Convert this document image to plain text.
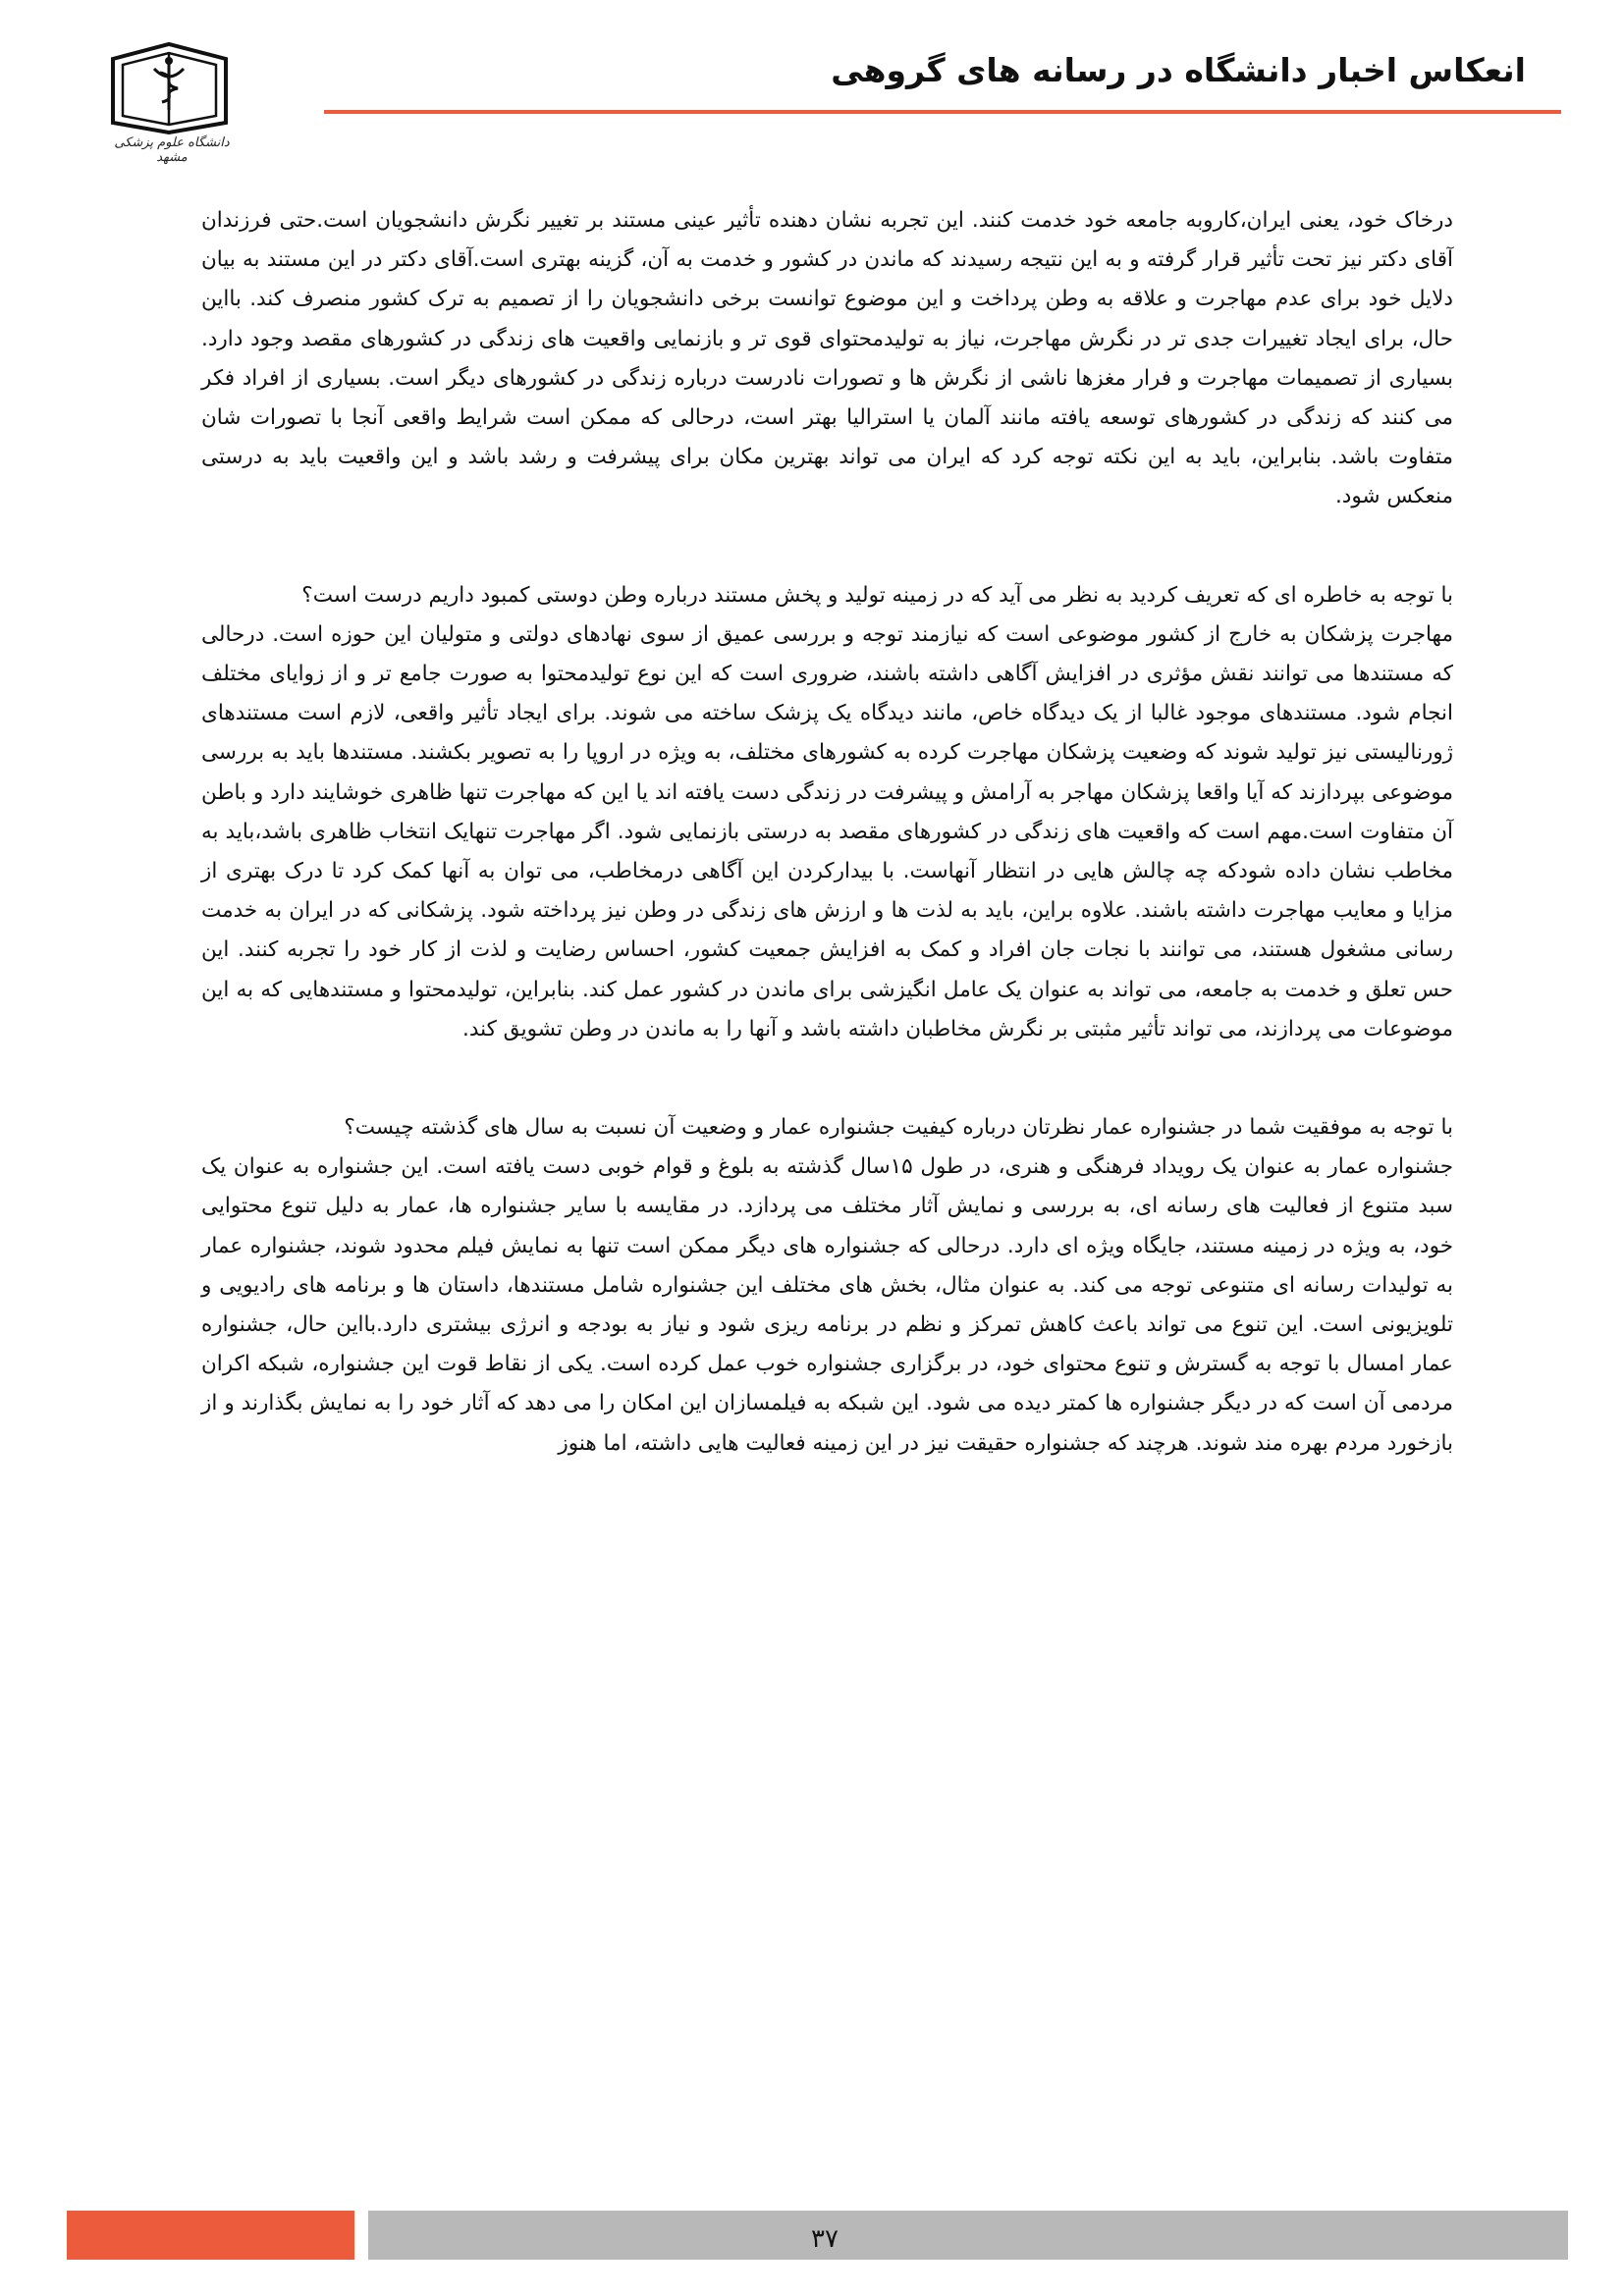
انعکاس اخبار دانشگاه در رسانه های گروهی
دانشگاه علوم پزشکی مشهد

درخاک خود، یعنی ایران،کاروبه جامعه خود خدمت کنند. این تجربه نشان دهنده تأثیر عینی مستند بر تغییر نگرش دانشجویان است.حتی فرزندان آقای دکتر نیز تحت تأثیر قرار گرفته و به این نتیجه رسیدند که ماندن در کشور و خدمت به آن، گزینه بهتری است.آقای دکتر در این مستند به بیان دلایل خود برای عدم مهاجرت و علاقه به وطن پرداخت و این موضوع توانست برخی دانشجویان را از تصمیم به ترک کشور منصرف کند. بااین حال، برای ایجاد تغییرات جدی تر در نگرش مهاجرت، نیاز به تولیدمحتوای قوی تر و بازنمایی واقعیت های زندگی در کشورهای مقصد وجود دارد. بسیاری از تصمیمات مهاجرت و فرار مغزها ناشی از نگرش ها و تصورات نادرست درباره زندگی در کشورهای دیگر است. بسیاری از افراد فکر می کنند که زندگی در کشورهای توسعه یافته مانند آلمان یا استرالیا بهتر است، درحالی که ممکن است شرایط واقعی آنجا با تصورات شان متفاوت باشد. بنابراین، باید به این نکته توجه کرد که ایران می تواند بهترین مکان برای پیشرفت و رشد باشد و این واقعیت باید به درستی منعکس شود.

با توجه به خاطره ای که تعریف کردید به نظر می آید که در زمینه تولید و پخش مستند درباره وطن دوستی کمبود داریم درست است؟

مهاجرت پزشکان به خارج از کشور موضوعی است که نیازمند توجه و بررسی عمیق از سوی نهادهای دولتی و متولیان این حوزه است. درحالی که مستندها می توانند نقش مؤثری در افزایش آگاهی داشته باشند، ضروری است که این نوع تولیدمحتوا به صورت جامع تر و از زوایای مختلف انجام شود. مستندهای موجود غالبا از یک دیدگاه خاص، مانند دیدگاه یک پزشک ساخته می شوند. برای ایجاد تأثیر واقعی، لازم است مستندهای ژورنالیستی نیز تولید شوند که وضعیت پزشکان مهاجرت کرده به کشورهای مختلف، به ویژه در اروپا را به تصویر بکشند. مستندها باید به بررسی موضوعی بپردازند که آیا واقعا پزشکان مهاجر به آرامش و پیشرفت در زندگی دست یافته اند یا این که مهاجرت تنها ظاهری خوشایند دارد و باطن آن متفاوت است.مهم است که واقعیت های زندگی در کشورهای مقصد به درستی بازنمایی شود. اگر مهاجرت تنهایک انتخاب ظاهری باشد،باید به مخاطب نشان داده شودکه چه چالش هایی در انتظار آنهاست. با بیدارکردن این آگاهی درمخاطب، می توان به آنها کمک کرد تا درک بهتری از مزایا و معایب مهاجرت داشته باشند. علاوه براین، باید به لذت ها و ارزش های زندگی در وطن نیز پرداخته شود. پزشکانی که در ایران به خدمت رسانی مشغول هستند، می توانند با نجات جان افراد و کمک به افزایش جمعیت کشور، احساس رضایت و لذت از کار خود را تجربه کنند. این حس تعلق و خدمت به جامعه، می تواند به عنوان یک عامل انگیزشی برای ماندن در کشور عمل کند. بنابراین، تولیدمحتوا و مستندهایی که به این موضوعات می پردازند، می تواند تأثیر مثبتی بر نگرش مخاطبان داشته باشد و آنها را به ماندن در وطن تشویق کند.

با توجه به موفقیت شما در جشنواره عمار نظرتان درباره کیفیت جشنواره عمار و وضعیت آن نسبت به سال های گذشته چیست؟

جشنواره عمار به عنوان یک رویداد فرهنگی و هنری، در طول ۱۵سال گذشته به بلوغ و قوام خوبی دست یافته است. این جشنواره به عنوان یک سبد متنوع از فعالیت های رسانه ای، به بررسی و نمایش آثار مختلف می پردازد. در مقایسه با سایر جشنواره ها، عمار به دلیل تنوع محتوایی خود، به ویژه در زمینه مستند، جایگاه ویژه ای دارد. درحالی که جشنواره های دیگر ممکن است تنها به نمایش فیلم محدود شوند، جشنواره عمار به تولیدات رسانه ای متنوعی توجه می کند. به عنوان مثال، بخش های مختلف این جشنواره شامل مستندها، داستان ها و برنامه های رادیویی و تلویزیونی است. این تنوع می تواند باعث کاهش تمرکز و نظم در برنامه ریزی شود و نیاز به بودجه و انرژی بیشتری دارد.بااین حال، جشنواره عمار امسال با توجه به گسترش و تنوع محتوای خود، در برگزاری جشنواره خوب عمل کرده است. یکی از نقاط قوت این جشنواره، شبکه اکران مردمی آن است که در دیگر جشنواره ها کمتر دیده می شود. این شبکه به فیلمسازان این امکان را می دهد که آثار خود را به نمایش بگذارند و از بازخورد مردم بهره مند شوند. هرچند که جشنواره حقیقت نیز در این زمینه فعالیت هایی داشته، اما هنوز

۳۷
